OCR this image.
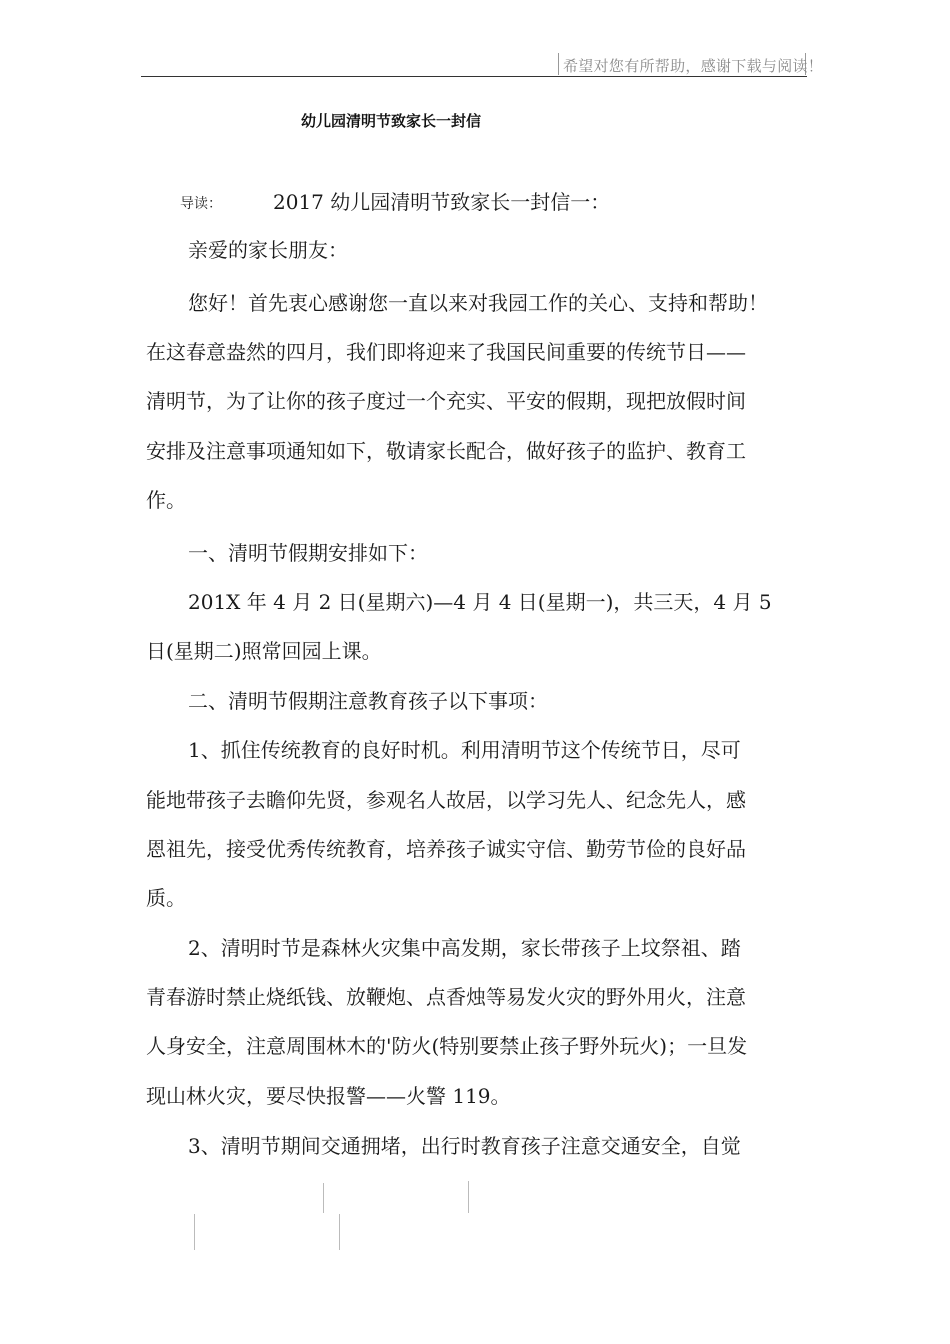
希望对您有所帮助，感谢下载与阅读！
幼儿园清明节致家长一封信
导读：	2017 幼儿园清明节致家长一封信一：
亲爱的家长朋友：
您好！首先衷心感谢您一直以来对我园工作的关心、支持和帮助！
在这春意盎然的四月，我们即将迎来了我国民间重要的传统节日——
清明节，为了让你的孩子度过一个充实、平安的假期，现把放假时间
安排及注意事项通知如下，敬请家长配合，做好孩子的监护、教育工
作。
一、清明节假期安排如下：
201X 年 4 月 2 日(星期六)—4 月 4 日(星期一)，共三天，4 月 5
日(星期二)照常回园上课。
二、清明节假期注意教育孩子以下事项：
1、抓住传统教育的良好时机。利用清明节这个传统节日，尽可
能地带孩子去瞻仰先贤，参观名人故居，以学习先人、纪念先人，感
恩祖先，接受优秀传统教育，培养孩子诚实守信、勤劳节俭的良好品
质。
2、清明时节是森林火灾集中高发期，家长带孩子上坟祭祖、踏
青春游时禁止烧纸钱、放鞭炮、点香烛等易发火灾的野外用火，注意
人身安全，注意周围林木的'防火(特别要禁止孩子野外玩火)；一旦发
现山林火灾，要尽快报警——火警 119。
3、清明节期间交通拥堵，出行时教育孩子注意交通安全，自觉
